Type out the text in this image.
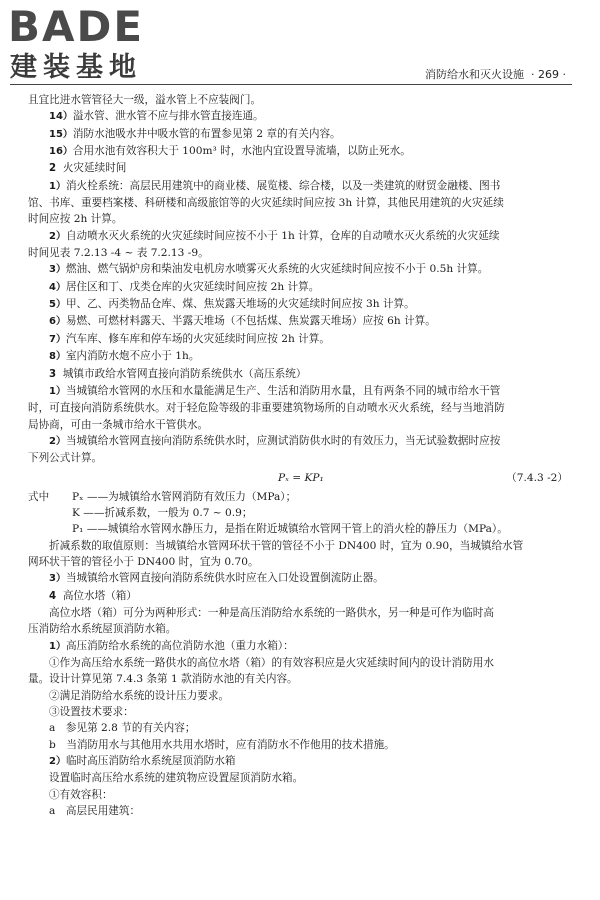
BADE
建装基地	消防给水和灭火设施 · 269 ·
且宜比进水管管径大一级，溢水管上不应装阀门。
14）溢水管、泄水管不应与排水管直接连通。
15）消防水池吸水井中吸水管的布置参见第 2 章的有关内容。
16）合用水池有效容积大于 100m³ 时，水池内宜设置导流墙，以防止死水。
2 火灾延续时间
1）消火栓系统：高层民用建筑中的商业楼、展览楼、综合楼，以及一类建筑的财贸金融楼、图书
馆、书库、重要档案楼、科研楼和高级旅馆等的火灾延续时间应按 3h 计算，其他民用建筑的火灾延续
时间应按 2h 计算。
2）自动喷水灭火系统的火灾延续时间应按不小于 1h 计算，仓库的自动喷水灭火系统的火灾延续
时间见表 7.2.13 -4 ~ 表 7.2.13 -9。
3）燃油、燃气锅炉房和柴油发电机房水喷雾灭火系统的火灾延续时间应按不小于 0.5h 计算。
4）居住区和丁、戊类仓库的火灾延续时间应按 2h 计算。
5）甲、乙、丙类物品仓库、煤、焦炭露天堆场的火灾延续时间应按 3h 计算。
6）易燃、可燃材料露天、半露天堆场（不包括煤、焦炭露天堆场）应按 6h 计算。
7）汽车库、修车库和停车场的火灾延续时间应按 2h 计算。
8）室内消防水炮不应小于 1h。
3 城镇市政给水管网直接向消防系统供水（高压系统）
1）当城镇给水管网的水压和水量能满足生产、生活和消防用水量，且有两条不同的城市给水干管
时，可直接向消防系统供水。对于轻危险等级的非重要建筑物场所的自动喷水灭火系统，经与当地消防
局协商，可由一条城市给水干管供水。
2）当城镇给水管网直接向消防系统供水时，应测试消防供水时的有效压力，当无试验数据时应按
下列公式计算。
Pₓ = KP₁	（7.4.3 -2）
式中 Pₓ ——为城镇给水管网消防有效压力（MPa）；
K ——折减系数，一般为 0.7 ~ 0.9；
P₁ ——城镇给水管网水静压力，是指在附近城镇给水管网干管上的消火栓的静压力（MPa）。
折减系数的取值原则：当城镇给水管网环状干管的管径不小于 DN400 时，宜为 0.90，当城镇给水管
网环状干管的管径小于 DN400 时，宜为 0.70。
3）当城镇给水管网直接向消防系统供水时应在入口处设置倒流防止器。
4 高位水塔（箱）
高位水塔（箱）可分为两种形式：一种是高压消防给水系统的一路供水，另一种是可作为临时高
压消防给水系统屋顶消防水箱。
1）高压消防给水系统的高位消防水池（重力水箱）：
①作为高压给水系统一路供水的高位水塔（箱）的有效容积应是火灾延续时间内的设计消防用水
量。设计计算见第 7.4.3 条第 1 款消防水池的有关内容。
②满足消防给水系统的设计压力要求。
③设置技术要求：
a　参见第 2.8 节的有关内容；
b　当消防用水与其他用水共用水塔时，应有消防水不作他用的技术措施。
2）临时高压消防给水系统屋顶消防水箱
设置临时高压给水系统的建筑物应设置屋顶消防水箱。
①有效容积：
a　高层民用建筑：
